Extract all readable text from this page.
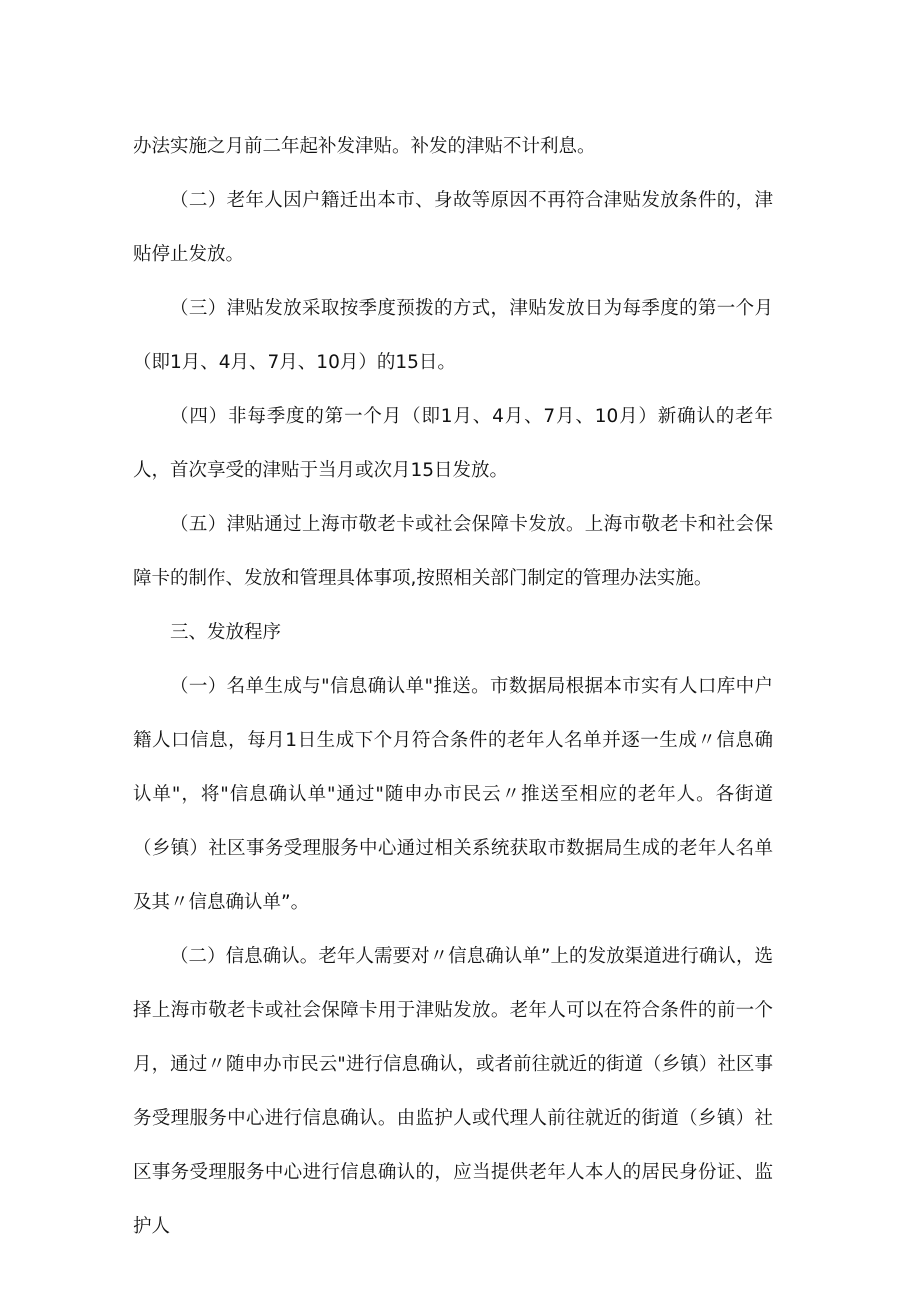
办法实施之月前二年起补发津贴。补发的津贴不计利息。

（二）老年人因户籍迁出本市、身故等原因不再符合津贴发放条件的，津贴停止发放。

（三）津贴发放采取按季度预拨的方式，津贴发放日为每季度的第一个月（即1月、4月、7月、10月）的15日。

（四）非每季度的第一个月（即1月、4月、7月、10月）新确认的老年人，首次享受的津贴于当月或次月15日发放。

（五）津贴通过上海市敬老卡或社会保障卡发放。上海市敬老卡和社会保障卡的制作、发放和管理具体事项,按照相关部门制定的管理办法实施。

三、发放程序

（一）名单生成与"信息确认单"推送。市数据局根据本市实有人口库中户籍人口信息，每月1日生成下个月符合条件的老年人名单并逐一生成〃信息确认单"，将"信息确认单"通过"随申办市民云〃推送至相应的老年人。各街道（乡镇）社区事务受理服务中心通过相关系统获取市数据局生成的老年人名单及其〃信息确认单”。

（二）信息确认。老年人需要对〃信息确认单”上的发放渠道进行确认，选择上海市敬老卡或社会保障卡用于津贴发放。老年人可以在符合条件的前一个月，通过〃随申办市民云"进行信息确认，或者前往就近的街道（乡镇）社区事务受理服务中心进行信息确认。由监护人或代理人前往就近的街道（乡镇）社区事务受理服务中心进行信息确认的，应当提供老年人本人的居民身份证、监护人
